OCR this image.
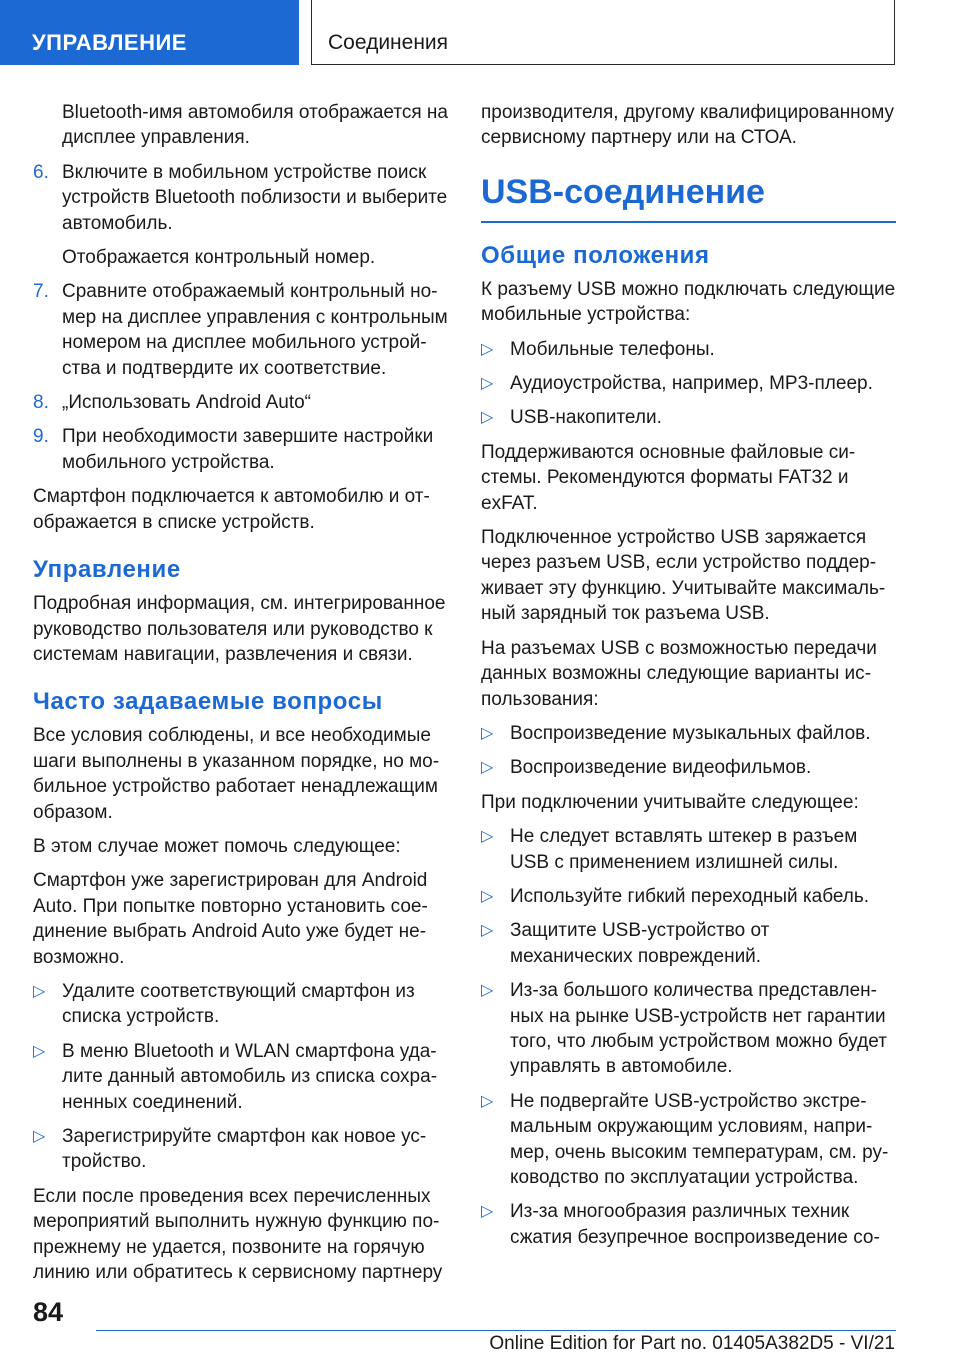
УПРАВЛЕНИЕ	Соединения

Bluetooth-имя автомобиля отображается на дисплее управления.

6. Включите в мобильном устройстве поиск устройств Bluetooth поблизости и выберите автомобиль.
Отображается контрольный номер.
7. Сравните отображаемый контрольный номер на дисплее управления с контрольным номером на дисплее мобильного устройства и подтвердите их соответствие.
8. „Использовать Android Auto“
9. При необходимости завершите настройки мобильного устройства.

Смартфон подключается к автомобилю и отображается в списке устройств.

Управление

Подробная информация, см. интегрированное руководство пользователя или руководство к системам навигации, развлечения и связи.

Часто задаваемые вопросы

Все условия соблюдены, и все необходимые шаги выполнены в указанном порядке, но мобильное устройство работает ненадлежащим образом.

В этом случае может помочь следующее:

Смартфон уже зарегистрирован для Android Auto. При попытке повторно установить соединение выбрать Android Auto уже будет невозможно.

▷ Удалите соответствующий смартфон из списка устройств.
▷ В меню Bluetooth и WLAN смартфона удалите данный автомобиль из списка сохраненных соединений.
▷ Зарегистрируйте смартфон как новое устройство.

Если после проведения всех перечисленных мероприятий выполнить нужную функцию попрежнему не удается, позвоните на горячую линию или обратитесь к сервисному партнеру

производителя, другому квалифицированному сервисному партнеру или на СТОА.

USB-соединение
Общие положения

К разъему USB можно подключать следующие мобильные устройства:

▷ Мобильные телефоны.
▷ Аудиоустройства, например, MP3-плеер.
▷ USB-накопители.

Поддерживаются основные файловые системы. Рекомендуются форматы FAT32 и exFAT.

Подключенное устройство USB заряжается через разъем USB, если устройство поддерживает эту функцию. Учитывайте максимальный зарядный ток разъема USB.

На разъемах USB с возможностью передачи данных возможны следующие варианты использования:

▷ Воспроизведение музыкальных файлов.
▷ Воспроизведение видеофильмов.

При подключении учитывайте следующее:

▷ Не следует вставлять штекер в разъем USB с применением излишней силы.
▷ Используйте гибкий переходный кабель.
▷ Защитите USB-устройство от механических повреждений.
▷ Из-за большого количества представленных на рынке USB-устройств нет гарантии того, что любым устройством можно будет управлять в автомобиле.
▷ Не подвергайте USB-устройство экстремальным окружающим условиям, например, очень высоким температурам, см. руководство по эксплуатации устройства.
▷ Из-за многообразия различных техник сжатия безупречное воспроизведение со-
84
Online Edition for Part no. 01405A382D5 - VI/21
